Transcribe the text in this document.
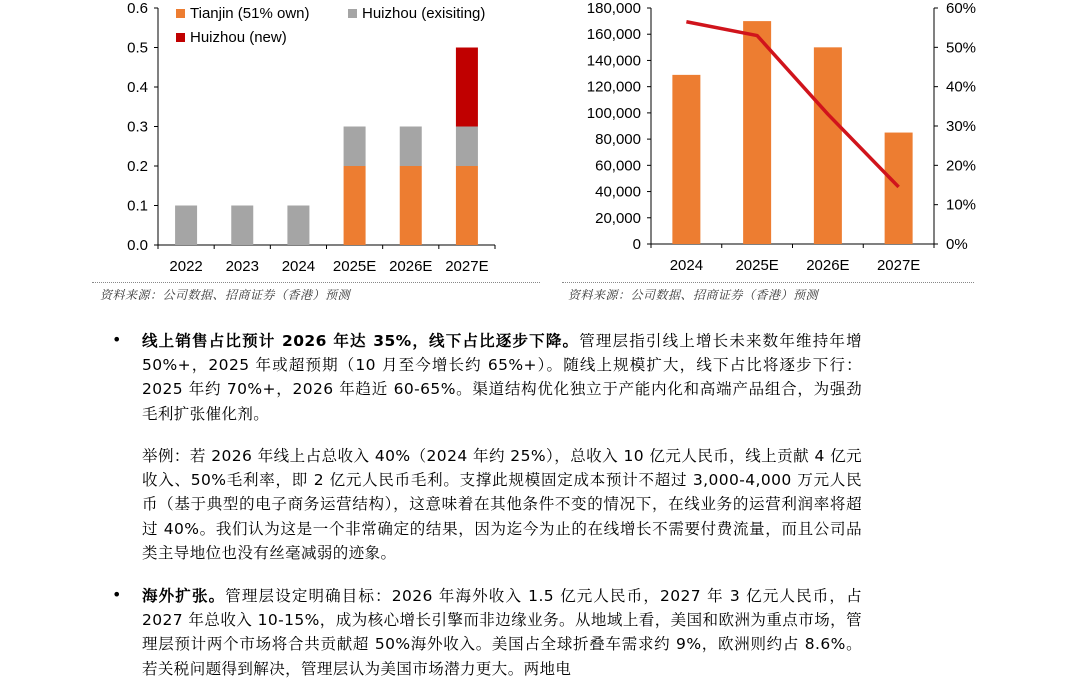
0.0
0.1
0.2
0.3
0.4
0.5
0.6
2022 2023 2024 2025E 2026E 2027E
Tianjin (51% own)	Huizhou (exisiting)
Huizhou (new)
0
20,000
40,000
60,000
80,000
100,000
120,000
140,000
160,000
180,000
0%
10%
20%
30%
40%
50%
60%
2024 2025E 2026E 2027E
资料来源：公司数据、招商证券（香港）预测	资料来源：公司数据、招商证券（香港）预测
• 线上销售占比预计 2026 年达 35%，线下占比逐步下降。管理层指引线上增长未来数年维持年增 50%+，2025 年或超预期（10 月至今增长约 65%+）。随线上规模扩大，线下占比将逐步下行：2025 年约 70%+，2026 年趋近 60-65%。渠道结构优化独立于产能内化和高端产品组合，为强劲毛利扩张催化剂。
举例：若 2026 年线上占总收入 40%（2024 年约 25%），总收入 10 亿元人民币，线上贡献 4 亿元收入、50%毛利率，即 2 亿元人民币毛利。支撑此规模固定成本预计不超过 3,000-4,000 万元人民币（基于典型的电子商务运营结构），这意味着在其他条件不变的情况下，在线业务的运营利润率将超过 40%。我们认为这是一个非常确定的结果，因为迄今为止的在线增长不需要付费流量，而且公司品类主导地位也没有丝毫减弱的迹象。
• 海外扩张。管理层设定明确目标：2026 年海外收入 1.5 亿元人民币，2027 年 3 亿元人民币，占 2027 年总收入 10-15%，成为核心增长引擎而非边缘业务。从地域上看，美国和欧洲为重点市场，管理层预计两个市场将合共贡献超 50%海外收入。美国占全球折叠车需求约 9%，欧洲则约占 8.6%。若关税问题得到解决，管理层认为美国市场潜力更大。两地电
